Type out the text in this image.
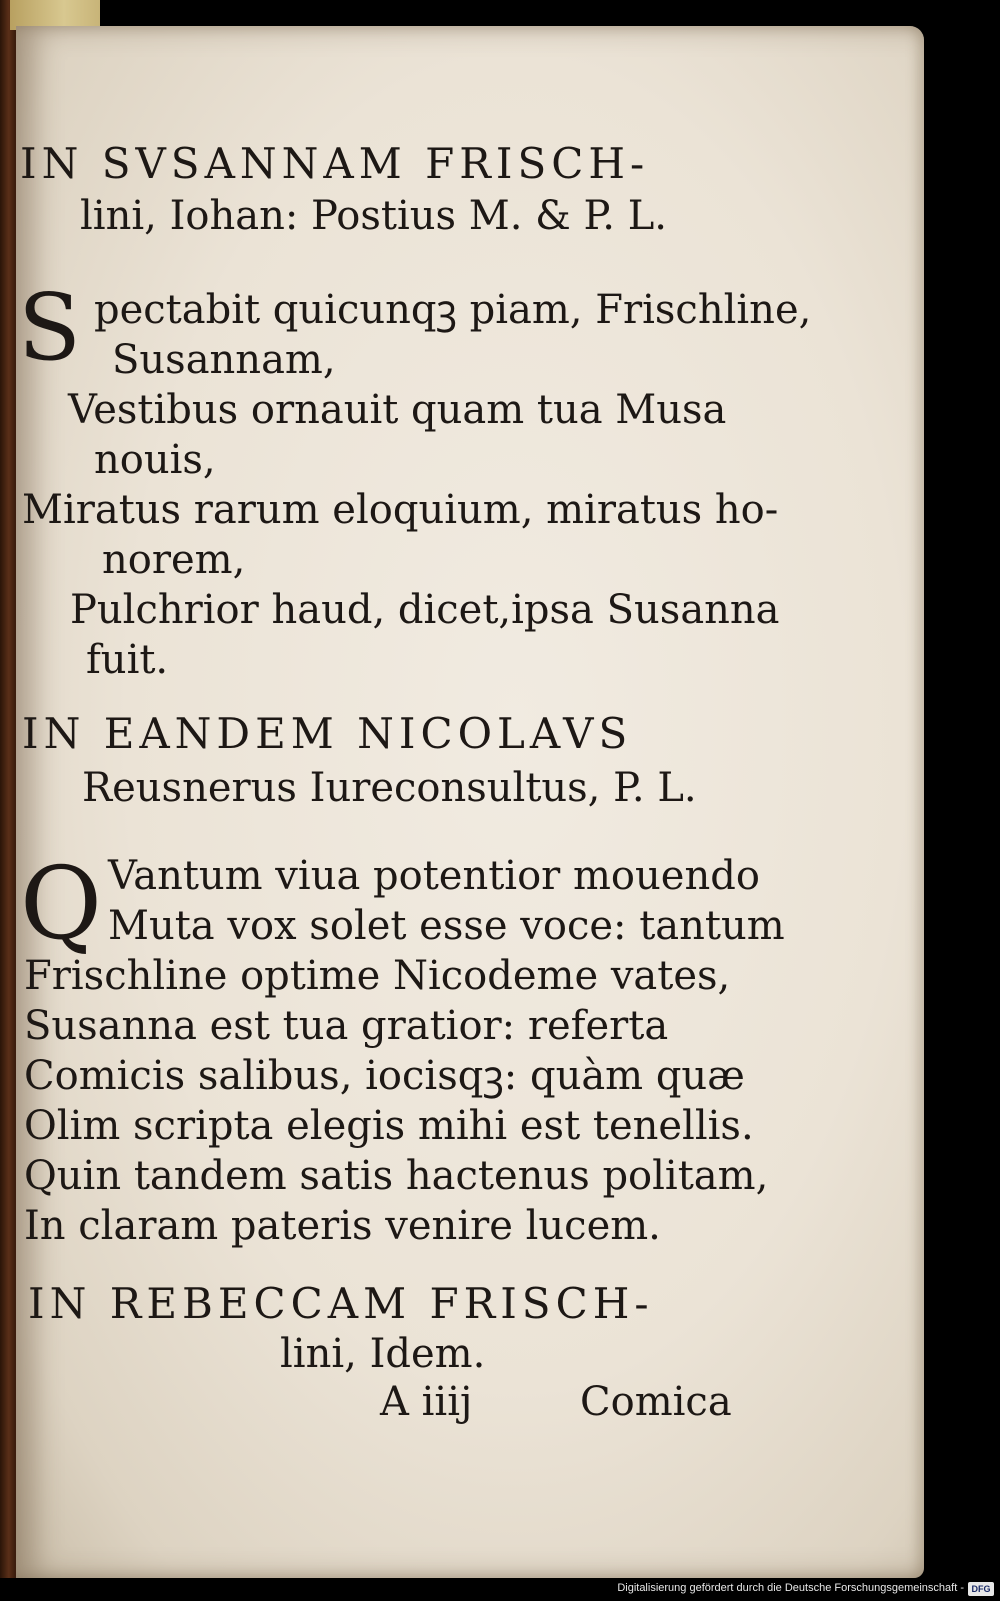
IN SVSANNAM FRISCH-
lini, Iohan: Postius M. & P. L.
S pectabit quicunqꝫ piam, Frischline,
Susannam,
Vestibus ornauit quam tua Musa
nouis,
Miratus rarum eloquium, miratus ho-
norem,
Pulchrior haud, dicet,ipsa Susanna
fuit.
IN EANDEM NICOLAVS
Reusnerus Iureconsultus, P. L.
Q Vantum viua potentior mouendo
Muta vox solet esse voce: tantum
Frischline optime Nicodeme vates,
Susanna est tua gratior: referta
Comicis salibus, iocisqꝫ: quàm quæ
Olim scripta elegis mihi est tenellis.
Quin tandem satis hactenus politam,
In claram pateris venire lucem.
IN REBECCAM FRISCH-
lini, Idem.
A iiij	Comica
Digitalisierung gefördert durch die Deutsche Forschungsgemeinschaft - DFG
